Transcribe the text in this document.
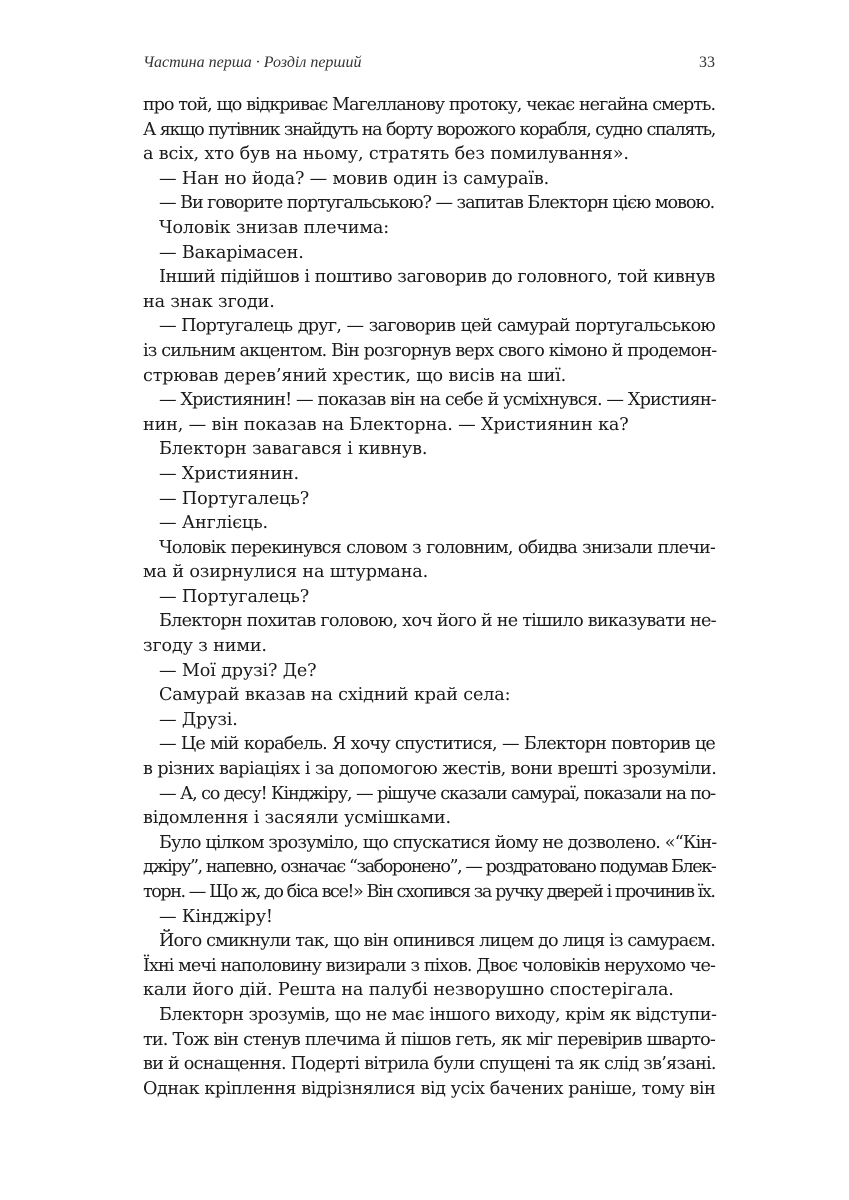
Частина перша · Розділ перший	33
про той, що відкриває Магелланову протоку, чекає негайна смерть.
А якщо путівник знайдуть на борту ворожого корабля, судно спалять,
а всіх, хто був на ньому, стратять без помилування».
— Нан но йода? — мовив один із самураїв.
— Ви говорите португальською? — запитав Блекторн цією мовою.
Чоловік знизав плечима:
— Вакарімасен.
Інший підійшов і поштиво заговорив до головного, той кивнув
на знак згоди.
— Португалець друг, — заговорив цей самурай португальською
із сильним акцентом. Він розгорнув верх свого кімоно й продемон-
стрював дерев’яний хрестик, що висів на шиї.
— Християнин! — показав він на себе й усміхнувся. — Християн-
нин, — він показав на Блекторна. — Християнин ка?
Блекторн завагався і кивнув.
— Християнин.
— Португалець?
— Англієць.
Чоловік перекинувся словом з головним, обидва знизали плечи-
ма й озирнулися на штурмана.
— Португалець?
Блекторн похитав головою, хоч його й не тішило виказувати не-
згоду з ними.
— Мої друзі? Де?
Самурай вказав на східний край села:
— Друзі.
— Це мій корабель. Я хочу спуститися, — Блекторн повторив це
в різних варіаціях і за допомогою жестів, вони врешті зрозуміли.
— А, со десу! Кінджіру, — рішуче сказали самураї, показали на по-
відомлення і засяяли усмішками.
Було цілком зрозуміло, що спускатися йому не дозволено. «“Кін-
джіру”, напевно, означає “заборонено”, — роздратовано подумав Блек-
торн. — Що ж, до біса все!» Він схопився за ручку дверей і прочинив їх.
— Кінджіру!
Його смикнули так, що він опинився лицем до лиця із самураєм.
Їхні мечі наполовину визирали з піхов. Двоє чоловіків нерухомо че-
кали його дій. Решта на палубі незворушно спостерігала.
Блекторн зрозумів, що не має іншого виходу, крім як відступи-
ти. Тож він стенув плечима й пішов геть, як міг перевірив шварто-
ви й оснащення. Подерті вітрила були спущені та як слід зв’язані.
Однак кріплення відрізнялися від усіх бачених раніше, тому він
